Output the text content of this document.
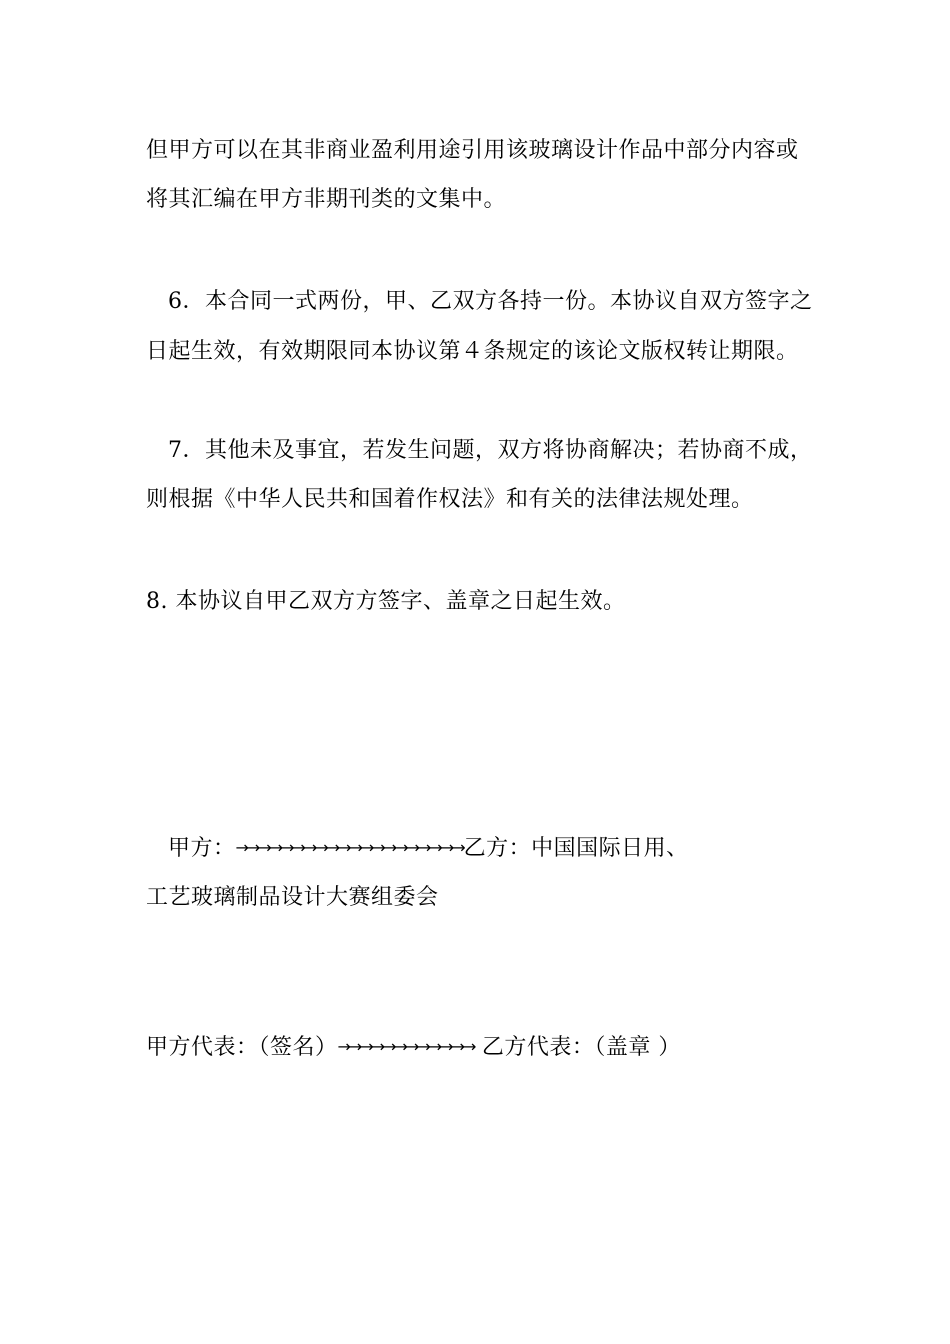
但甲方可以在其非商业盈利用途引用该玻璃设计作品中部分内容或
将其汇编在甲方非期刊类的文集中。
6．本合同一式两份，甲、乙双方各持一份。本协议自双方签字之
日起生效，有效期限同本协议第４条规定的该论文版权转让期限。
7．其他未及事宜，若发生问题，双方将协商解决；若协商不成，
则根据《中华人民共和国着作权法》和有关的法律法规处理。
8. 本协议自甲乙双方方签字、盖章之日起生效。
甲方：→→→→→→→→→→→→→→→→→→→→乙方：中国国际日用、
工艺玻璃制品设计大赛组委会
甲方代表：（签名）→→→→→→→→→→→→ 乙方代表：（盖章 ）
